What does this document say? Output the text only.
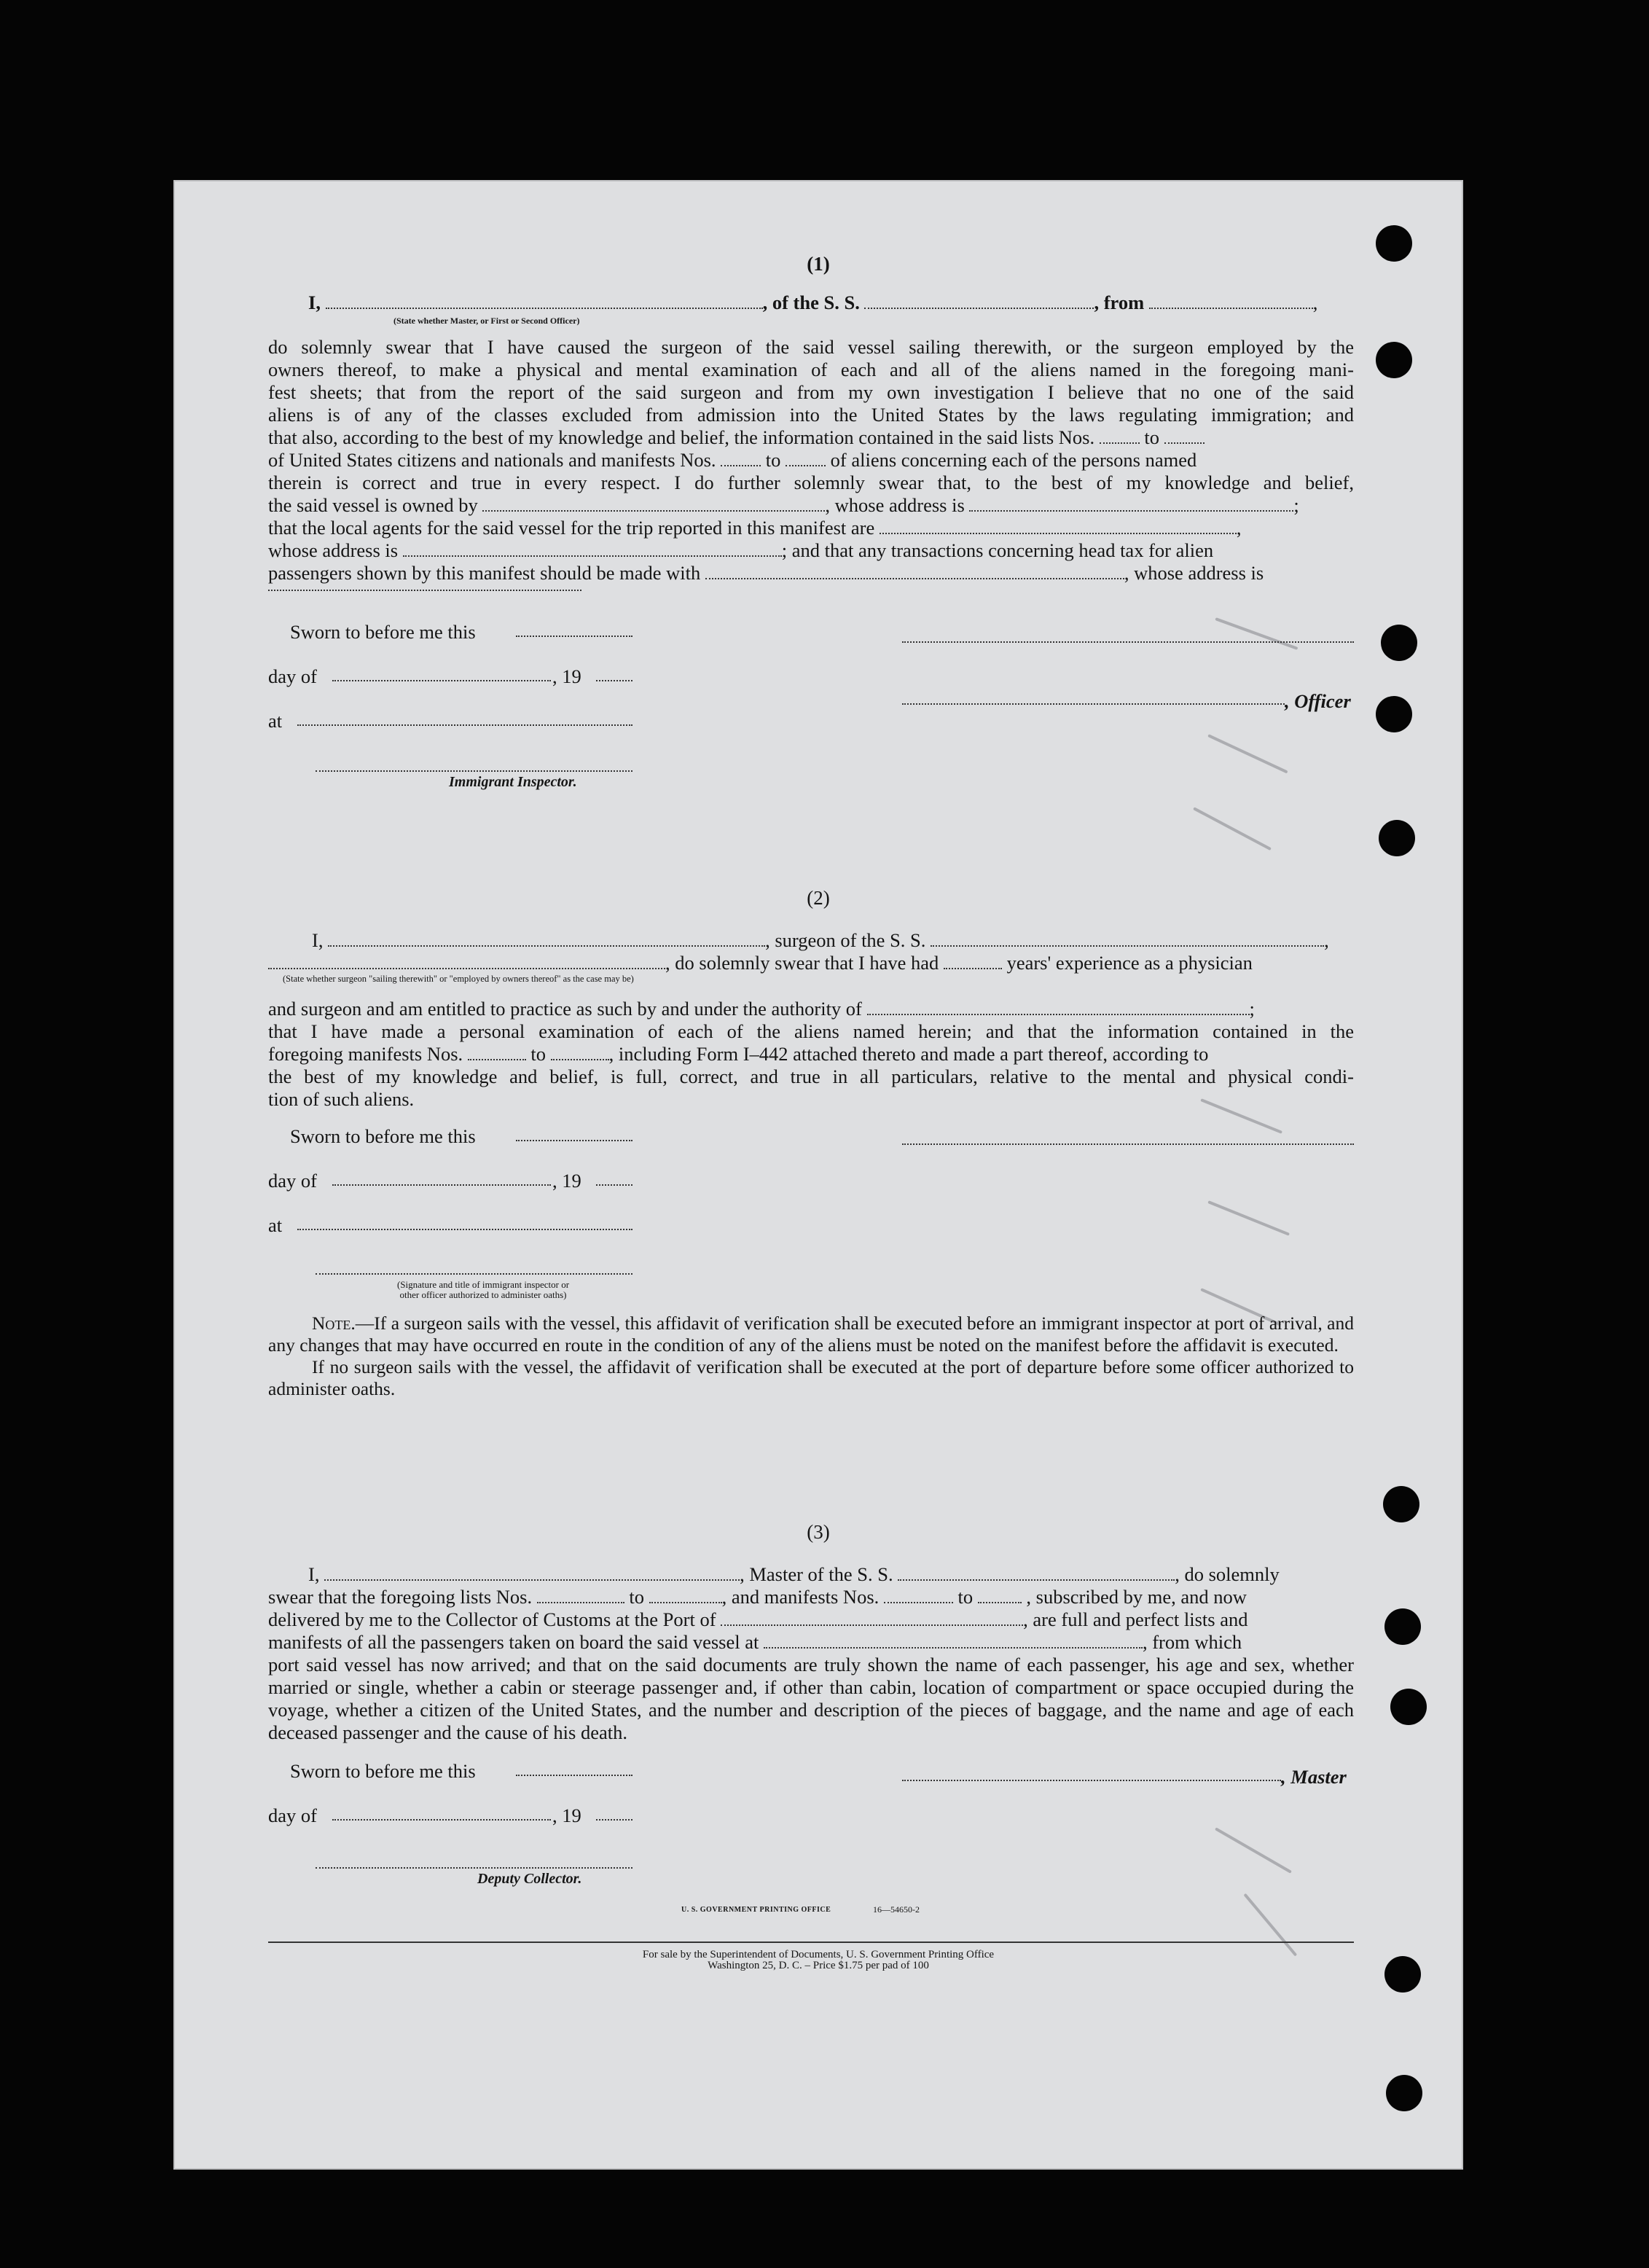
(1)
I,	, of the S. S.	, from	,
(State whether Master, or First or Second Officer)

do solemnly swear that I have caused the surgeon of the said vessel sailing therewith, or the surgeon employed by the

owners thereof, to make a physical and mental examination of each and all of the aliens named in the foregoing mani-

fest sheets; that from the report of the said surgeon and from my own investigation I believe that no one of the said

aliens is of any of the classes excluded from admission into the United States by the laws regulating immigration; and

that also, according to the best of my knowledge and belief, the information contained in the said lists Nos.	to

of United States citizens and nationals and manifests Nos.	to	of aliens concerning each of the persons named

therein is correct and true in every respect. I do further solemnly swear that, to the best of my knowledge and belief,

the said vessel is owned by	, whose address is	;

that the local agents for the said vessel for the trip reported in this manifest are	,

whose address is	; and that any transactions concerning head tax for alien

passengers shown by this manifest should be made with	, whose address is

Sworn to before me this
day of	, 19
, Officer
at
Immigrant Inspector.
(2)
I,	, surgeon of the S. S.	,
, do solemnly swear that I have had	years' experience as a physician
(State whether surgeon "sailing therewith" or "employed by owners thereof" as the case may be)

and surgeon and am entitled to practice as such by and under the authority of	;

that I have made a personal examination of each of the aliens named herein; and that the information contained in the

foregoing manifests Nos.	to	, including Form I–442 attached thereto and made a part thereof, according to

the best of my knowledge and belief, is full, correct, and true in all particulars, relative to the mental and physical condi-

tion of such aliens.

Sworn to before me this
day of	, 19
at
(Signature and title of immigrant inspector or
other officer authorized to administer oaths)

Note.—If a surgeon sails with the vessel, this affidavit of verification shall be executed before an immigrant inspector at port of arrival, and any changes that may have occurred en route in the condition of any of the aliens must be noted on the manifest before the affidavit is executed.

If no surgeon sails with the vessel, the affidavit of verification shall be executed at the port of departure before some officer authorized to administer oaths.

(3)

I,	, Master of the S. S.	, do solemnly

swear that the foregoing lists Nos.	to	, and manifests Nos.	to	, subscribed by me, and now

delivered by me to the Collector of Customs at the Port of	, are full and perfect lists and

manifests of all the passengers taken on board the said vessel at	, from which

port said vessel has now arrived; and that on the said documents are truly shown the name of each passenger, his age and sex, whether married or single, whether a cabin or steerage passenger and, if other than cabin, location of compartment or space occupied during the voyage, whether a citizen of the United States, and the number and description of the pieces of baggage, and the name and age of each deceased passenger and the cause of his death.

Sworn to before me this	, Master
day of	, 19
Deputy Collector.
U. S. GOVERNMENT PRINTING OFFICE	16—54650-2
For sale by the Superintendent of Documents, U. S. Government Printing Office
Washington 25, D. C. – Price $1.75 per pad of 100
